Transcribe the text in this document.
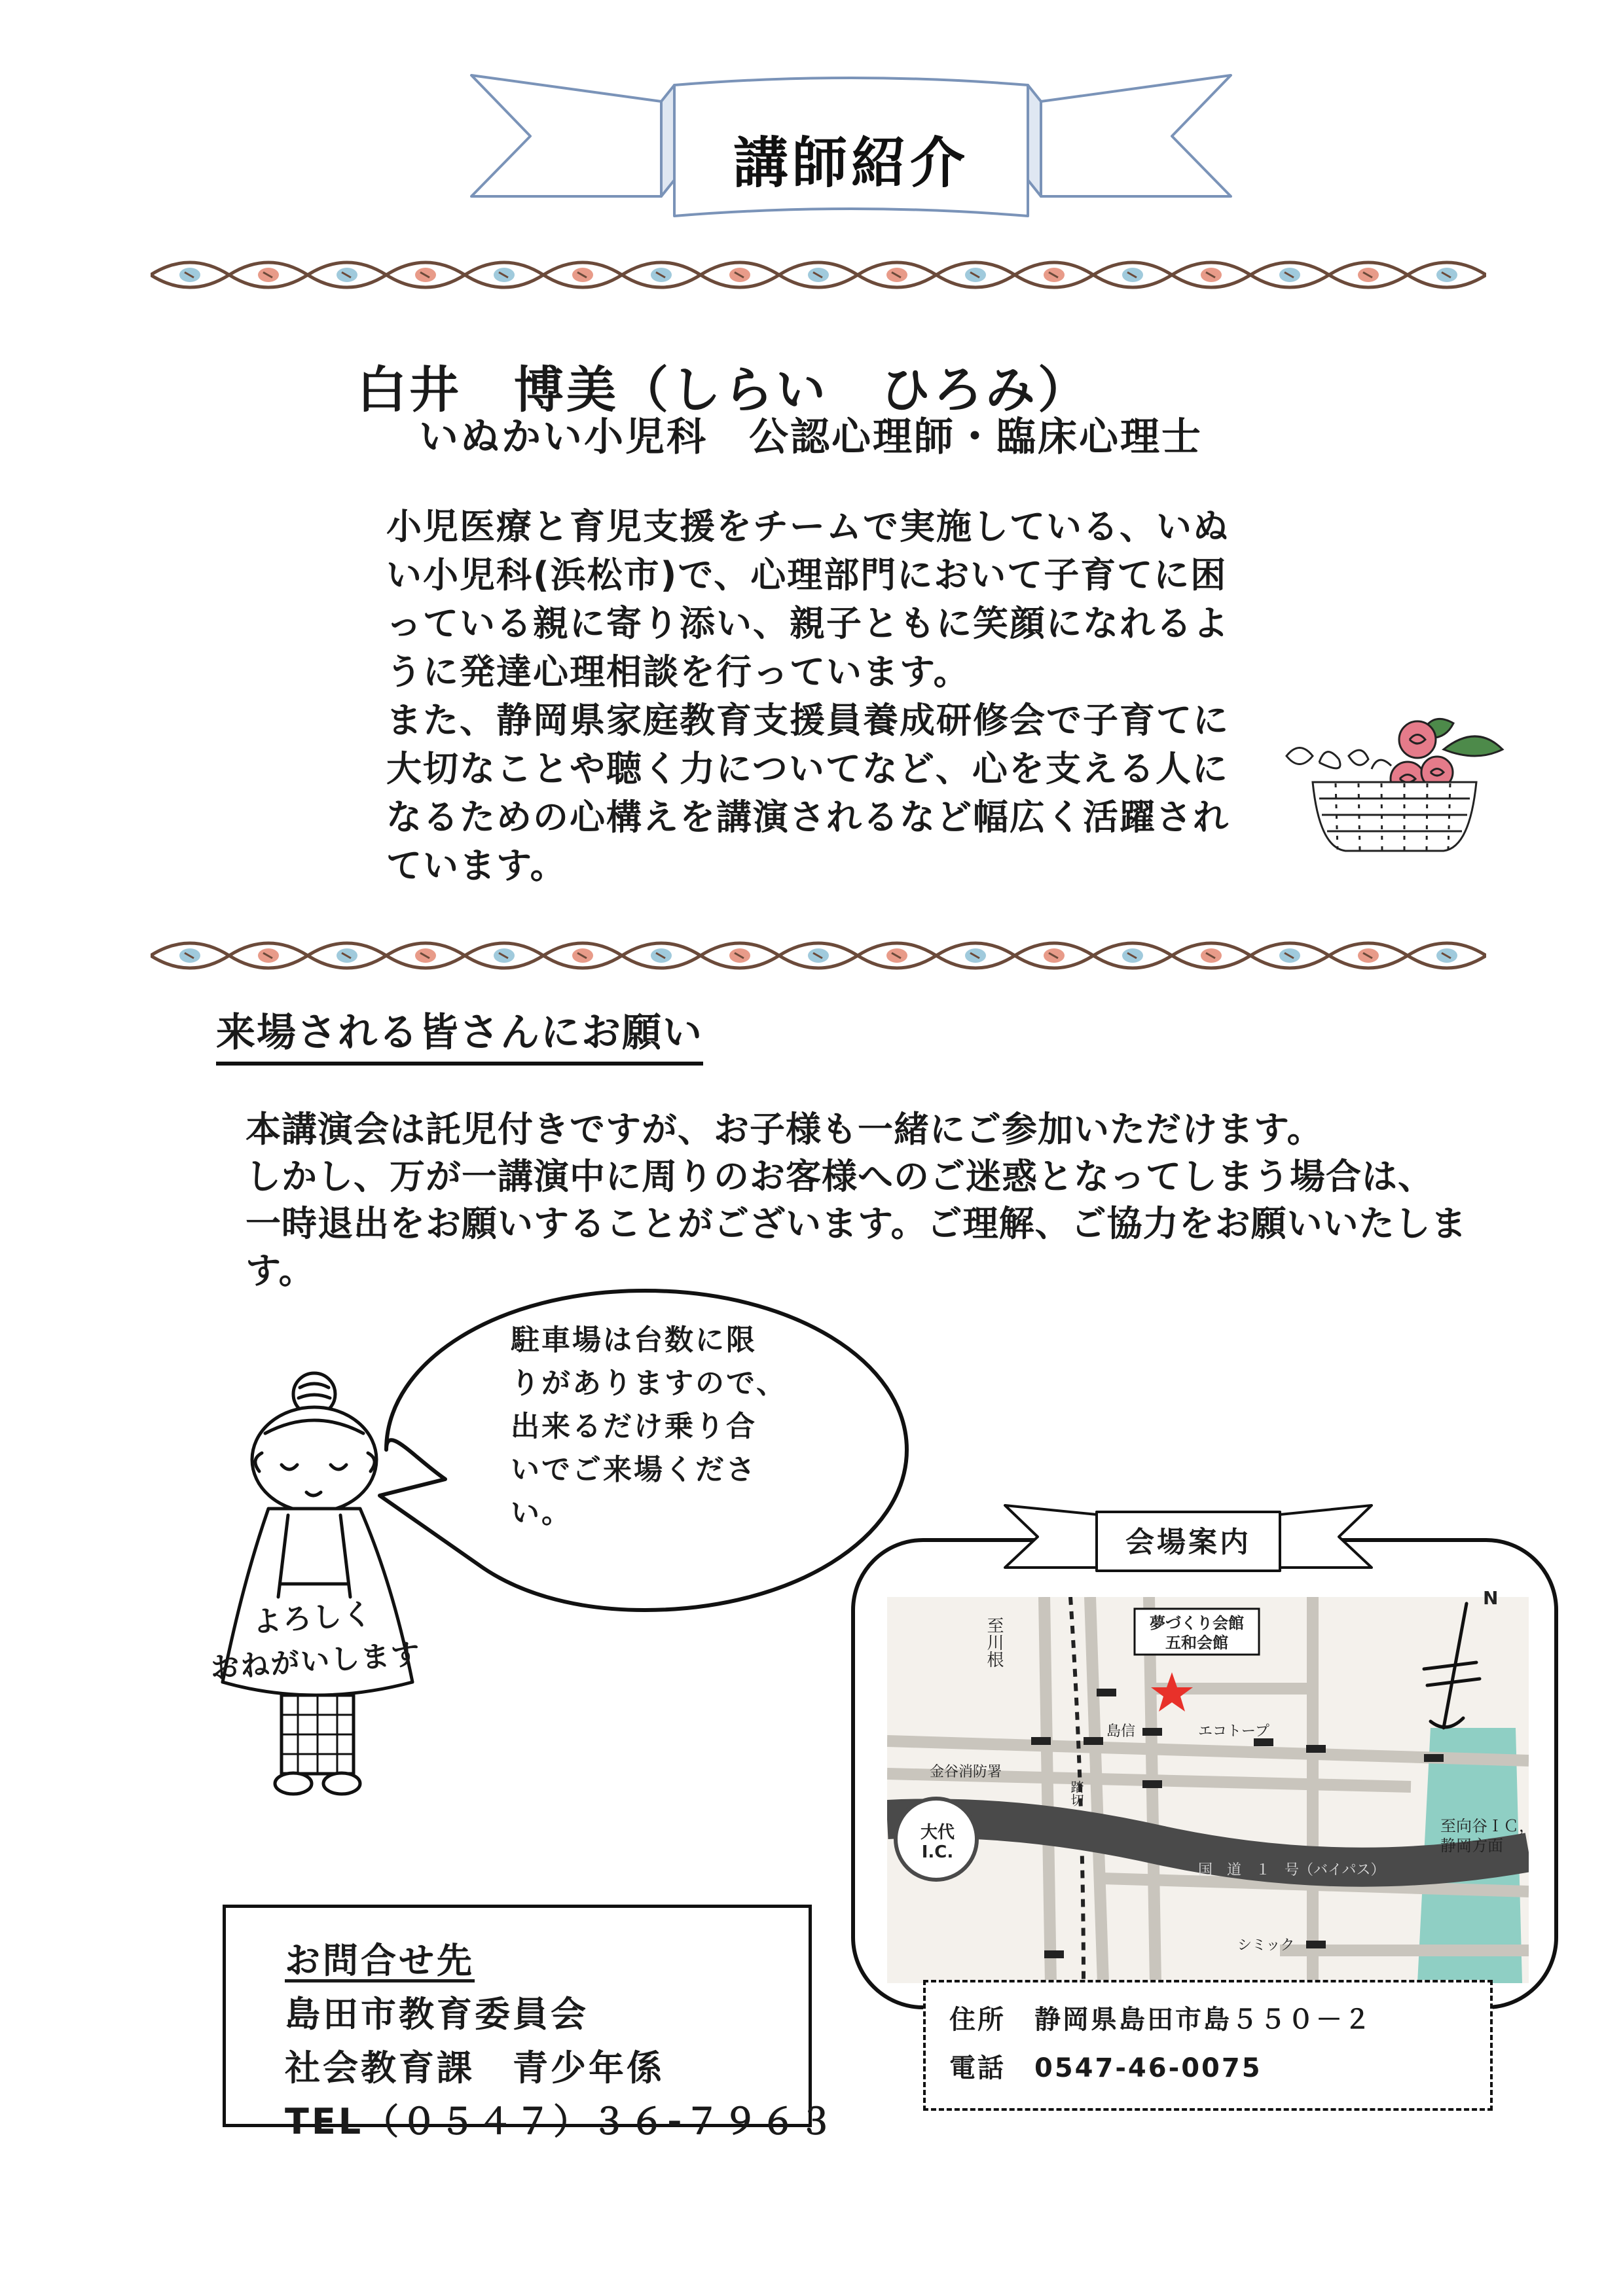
講師紹介
白井　博美（しらい　ひろみ）
いぬかい小児科　公認心理師・臨床心理士

小児医療と育児支援をチームで実施している、いぬ

い小児科(浜松市)で、心理部門において子育てに困

っている親に寄り添い、親子ともに笑顔になれるよ

うに発達心理相談を行っています。

また、静岡県家庭教育支援員養成研修会で子育てに

大切なことや聴く力についてなど、心を支える人に

なるための心構えを講演されるなど幅広く活躍され

ています。

来場される皆さんにお願い

本講演会は託児付きですが、お子様も一緒にご参加いただけます。

しかし、万が一講演中に周りのお客様へのご迷惑となってしまう場合は、

一時退出をお願いすることがございます。ご理解、ご協力をお願いいたしま

す。

駐車場は台数に限

りがありますので、

出来るだけ乗り合

いでご来場くださ

い。

よろしく
おねがいします

お問合せ先

島田市教育委員会

社会教育課　青少年係

TEL（０５４７）３６-７９６３

会場案内
夢づくり会館
五和会館
至川根
N
島信	エコトープ
金谷消防署
踏切
大代
I.C.
国　道　１　号（バイパス）
至向谷ＩＣ，
静岡方面
シミック

住所 静岡県島田市島５５０－２

電話 0547-46-0075
